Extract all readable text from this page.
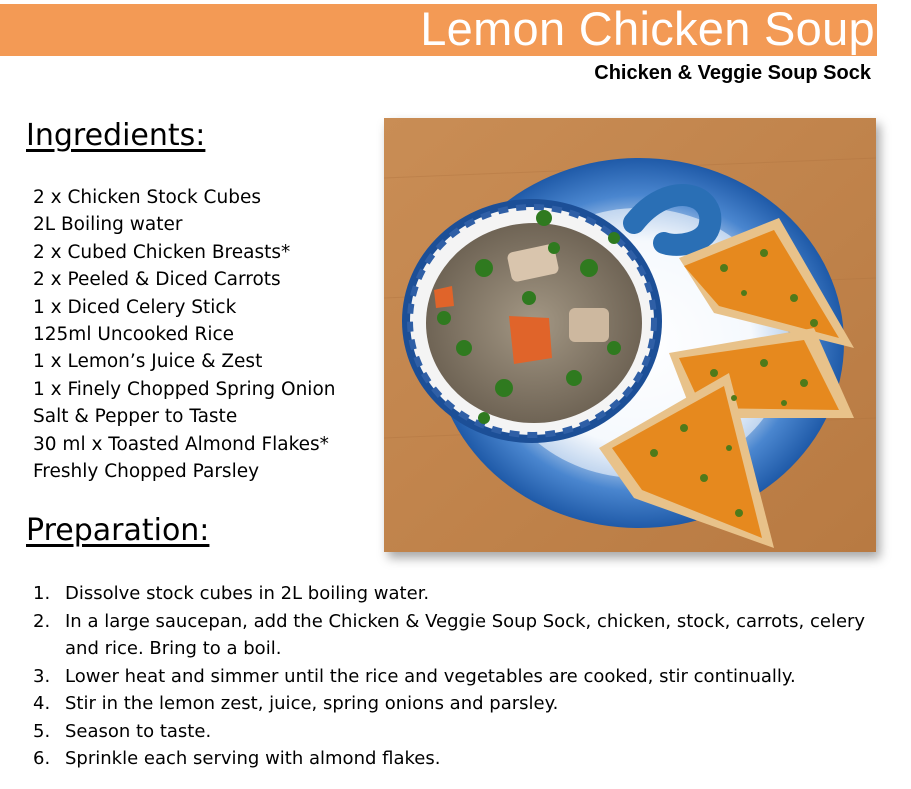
Lemon Chicken Soup
Chicken & Veggie Soup Sock
Ingredients:
2 x Chicken Stock Cubes
2L Boiling water
2 x Cubed Chicken Breasts*
2 x Peeled & Diced Carrots
1 x Diced Celery Stick
125ml Uncooked Rice
1 x Lemon’s Juice & Zest
1 x Finely Chopped Spring Onion
Salt & Pepper to Taste
30 ml x Toasted Almond Flakes*
Freshly Chopped Parsley
Preparation:
1. Dissolve stock cubes in 2L boiling water.
2. In a large saucepan, add the Chicken & Veggie Soup Sock, chicken, stock, carrots, celery and rice. Bring to a boil.
3. Lower heat and simmer until the rice and vegetables are cooked, stir continually.
4. Stir in the lemon zest, juice, spring onions and parsley.
5. Season to taste.
6. Sprinkle each serving with almond flakes.
